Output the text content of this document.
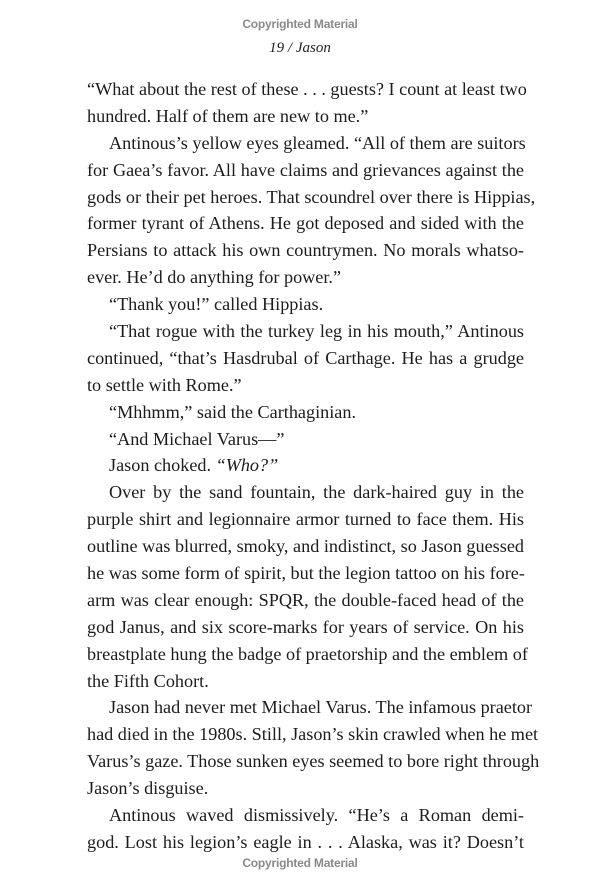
Copyrighted Material
19 / Jason
“What about the rest of these . . . guests? I count at least two
hundred. Half of them are new to me.”
Antinous’s yellow eyes gleamed. “All of them are suitors
for Gaea’s favor. All have claims and grievances against the
gods or their pet heroes. That scoundrel over there is Hippias,
former tyrant of Athens. He got deposed and sided with the
Persians to attack his own countrymen. No morals whatso-
ever. He’d do anything for power.”
“Thank you!” called Hippias.
“That rogue with the turkey leg in his mouth,” Antinous
continued, “that’s Hasdrubal of Carthage. He has a grudge
to settle with Rome.”
“Mhhmm,” said the Carthaginian.
“And Michael Varus—”
Jason choked. “Who?”
Over by the sand fountain, the dark-haired guy in the
purple shirt and legionnaire armor turned to face them. His
outline was blurred, smoky, and indistinct, so Jason guessed
he was some form of spirit, but the legion tattoo on his fore-
arm was clear enough: SPQR, the double-faced head of the
god Janus, and six score-marks for years of service. On his
breastplate hung the badge of praetorship and the emblem of
the Fifth Cohort.
Jason had never met Michael Varus. The infamous praetor
had died in the 1980s. Still, Jason’s skin crawled when he met
Varus’s gaze. Those sunken eyes seemed to bore right through
Jason’s disguise.
Antinous waved dismissively. “He’s a Roman demi-
god. Lost his legion’s eagle in . . . Alaska, was it? Doesn’t
Copyrighted Material
